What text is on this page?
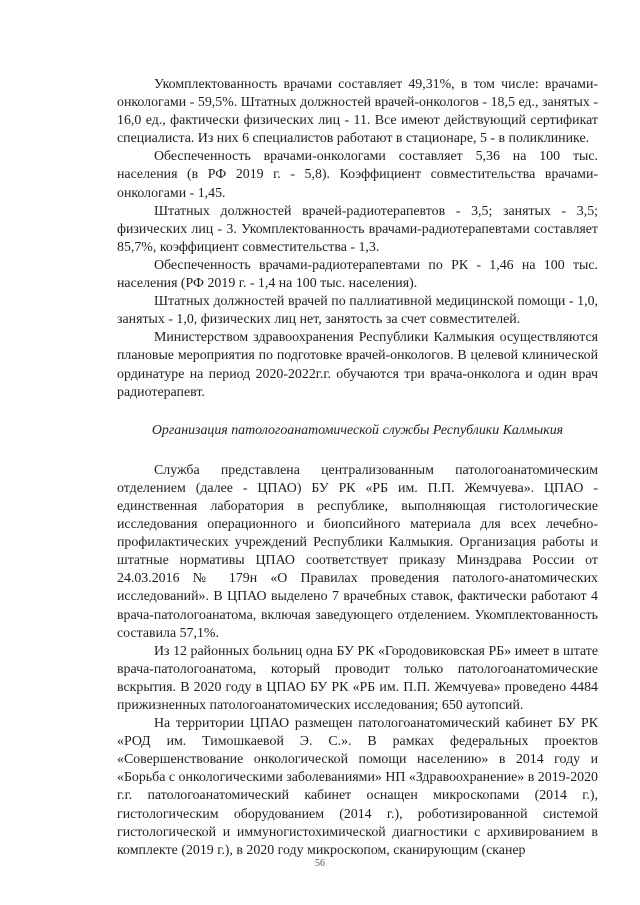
Укомплектованность врачами составляет 49,31%, в том числе: врачами-онкологами - 59,5%. Штатных должностей врачей-онкологов - 18,5 ед., занятых - 16,0 ед., фактически физических лиц - 11. Все имеют действующий сертификат специалиста. Из них 6 специалистов работают в стационаре, 5 - в поликлинике.

Обеспеченность врачами-онкологами составляет 5,36 на 100 тыс. населения (в РФ 2019 г. - 5,8). Коэффициент совместительства врачами-онкологами - 1,45.

Штатных должностей врачей-радиотерапевтов - 3,5; занятых - 3,5; физических лиц - 3. Укомплектованность врачами-радиотерапевтами составляет 85,7%, коэффициент совместительства - 1,3.

Обеспеченность врачами-радиотерапевтами по РК - 1,46 на 100 тыс. населения (РФ 2019 г. - 1,4 на 100 тыс. населения).

Штатных должностей врачей по паллиативной медицинской помощи - 1,0, занятых - 1,0, физических лиц нет, занятость за счет совместителей.

Министерством здравоохранения Республики Калмыкия осуществляются плановые мероприятия по подготовке врачей-онкологов. В целевой клинической ординатуре на период 2020-2022г.г. обучаются три врача-онколога и один врач радиотерапевт.

Организация патологоанатомической службы Республики Калмыкия

Служба представлена централизованным патологоанатомическим отделением (далее - ЦПАО) БУ РК «РБ им. П.П. Жемчуева». ЦПАО - единственная лаборатория в республике, выполняющая гистологические исследования операционного и биопсийного материала для всех лечебно-профилактических учреждений Республики Калмыкия. Организация работы и штатные нормативы ЦПАО соответствует приказу Минздрава России от 24.03.2016 № 179н «О Правилах проведения патолого-анатомических исследований». В ЦПАО выделено 7 врачебных ставок, фактически работают 4 врача-патологоанатома, включая заведующего отделением. Укомплектованность составила 57,1%.

Из 12 районных больниц одна БУ РК «Городовиковская РБ» имеет в штате врача-патологоанатома, который проводит только патологоанатомические вскрытия. В 2020 году в ЦПАО БУ РК «РБ им. П.П. Жемчуева» проведено 4484 прижизненных патологоанатомических исследования; 650 аутопсий.

На территории ЦПАО размещен патологоанатомический кабинет БУ РК «РОД им. Тимошкаевой Э. С.». В рамках федеральных проектов «Совершенствование онкологической помощи населению» в 2014 году и «Борьба с онкологическими заболеваниями» НП «Здравоохранение» в 2019-2020 г.г. патологоанатомический кабинет оснащен микроскопами (2014 г.), гистологическим оборудованием (2014 г.), роботизированной системой гистологической и иммуногистохимической диагностики с архивированием в комплекте (2019 г.), в 2020 году микроскопом, сканирующим (сканер

56
